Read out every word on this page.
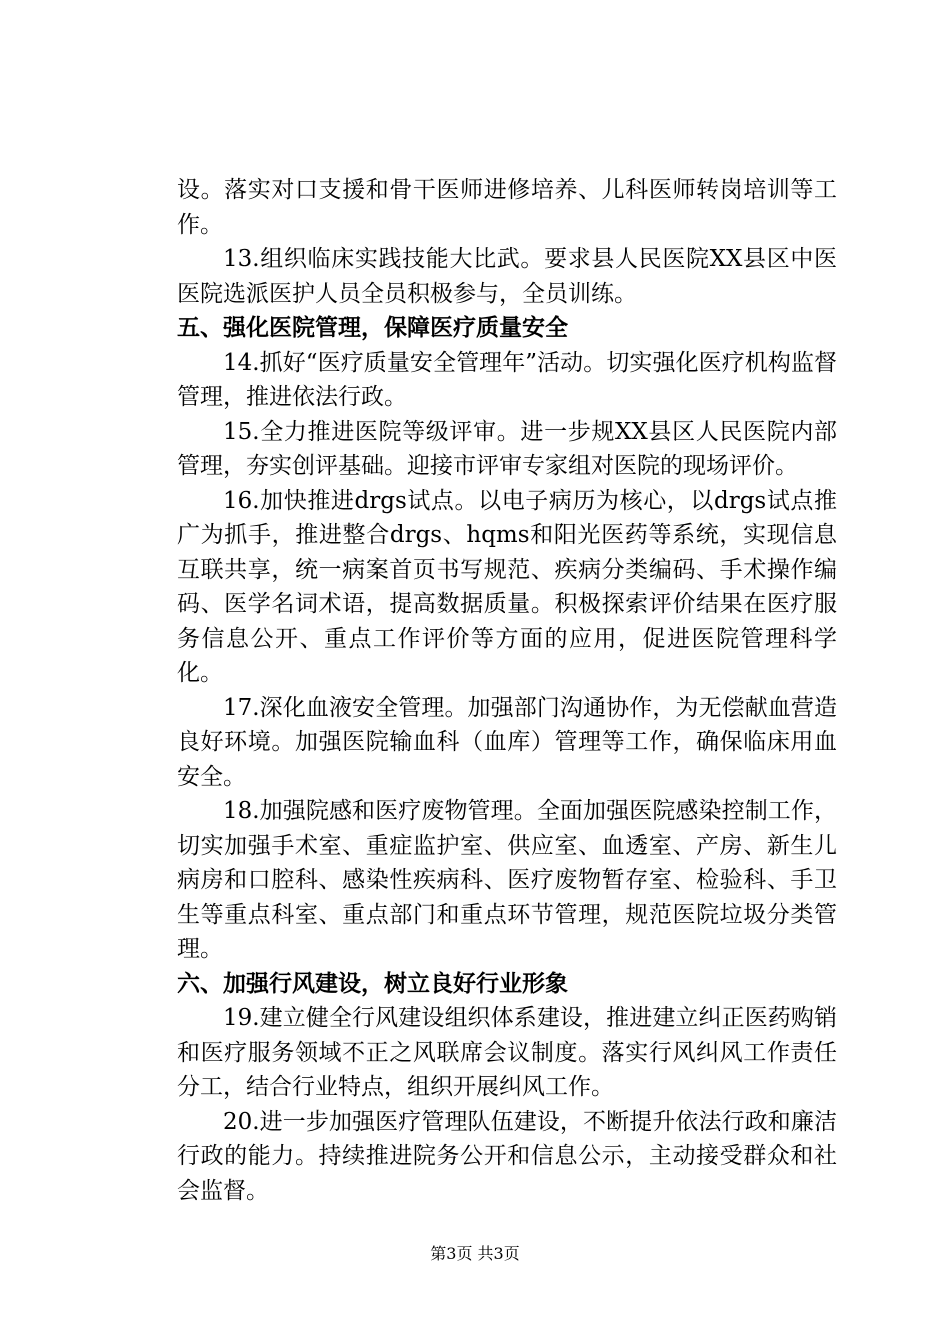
设。落实对口支援和骨干医师进修培养、儿科医师转岗培训等工作。

13.组织临床实践技能大比武。要求县人民医院XX县区中医医院选派医护人员全员积极参与，全员训练。

五、强化医院管理，保障医疗质量安全

14.抓好“医疗质量安全管理年”活动。切实强化医疗机构监督管理，推进依法行政。

15.全力推进医院等级评审。进一步规XX县区人民医院内部管理，夯实创评基础。迎接市评审专家组对医院的现场评价。

16.加快推进drgs试点。以电子病历为核心，以drgs试点推广为抓手，推进整合drgs、hqms和阳光医药等系统，实现信息互联共享，统一病案首页书写规范、疾病分类编码、手术操作编码、医学名词术语，提高数据质量。积极探索评价结果在医疗服务信息公开、重点工作评价等方面的应用，促进医院管理科学化。

17.深化血液安全管理。加强部门沟通协作，为无偿献血营造良好环境。加强医院输血科（血库）管理等工作，确保临床用血安全。

18.加强院感和医疗废物管理。全面加强医院感染控制工作，切实加强手术室、重症监护室、供应室、血透室、产房、新生儿病房和口腔科、感染性疾病科、医疗废物暂存室、检验科、手卫生等重点科室、重点部门和重点环节管理，规范医院垃圾分类管理。

六、加强行风建设，树立良好行业形象

19.建立健全行风建设组织体系建设，推进建立纠正医药购销和医疗服务领域不正之风联席会议制度。落实行风纠风工作责任分工，结合行业特点，组织开展纠风工作。

20.进一步加强医疗管理队伍建设，不断提升依法行政和廉洁行政的能力。持续推进院务公开和信息公示，主动接受群众和社会监督。

第3页 共3页
